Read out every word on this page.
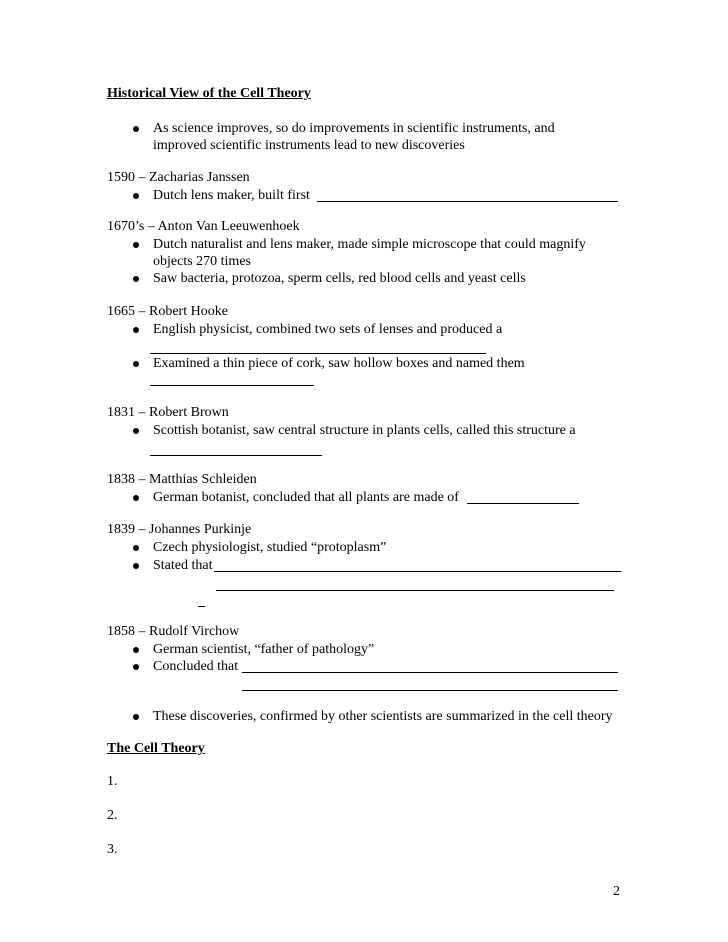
Historical View of the Cell Theory
As science improves, so do improvements in scientific instruments, and
improved scientific instruments lead to new discoveries
1590 – Zacharias Janssen
Dutch lens maker, built first
1670’s – Anton Van Leeuwenhoek
Dutch naturalist and lens maker, made simple microscope that could magnify
objects 270 times
Saw bacteria, protozoa, sperm cells, red blood cells and yeast cells
1665 – Robert Hooke
English physicist, combined two sets of lenses and produced a
Examined a thin piece of cork, saw hollow boxes and named them
1831 – Robert Brown
Scottish botanist, saw central structure in plants cells, called this structure a
1838 – Matthias Schleiden
German botanist, concluded that all plants are made of
1839 – Johannes Purkinje
Czech physiologist, studied “protoplasm”
Stated that
1858 – Rudolf Virchow
German scientist, “father of pathology”
Concluded that
These discoveries, confirmed by other scientists are summarized in the cell theory
The Cell Theory
1.
2.
3.
2
